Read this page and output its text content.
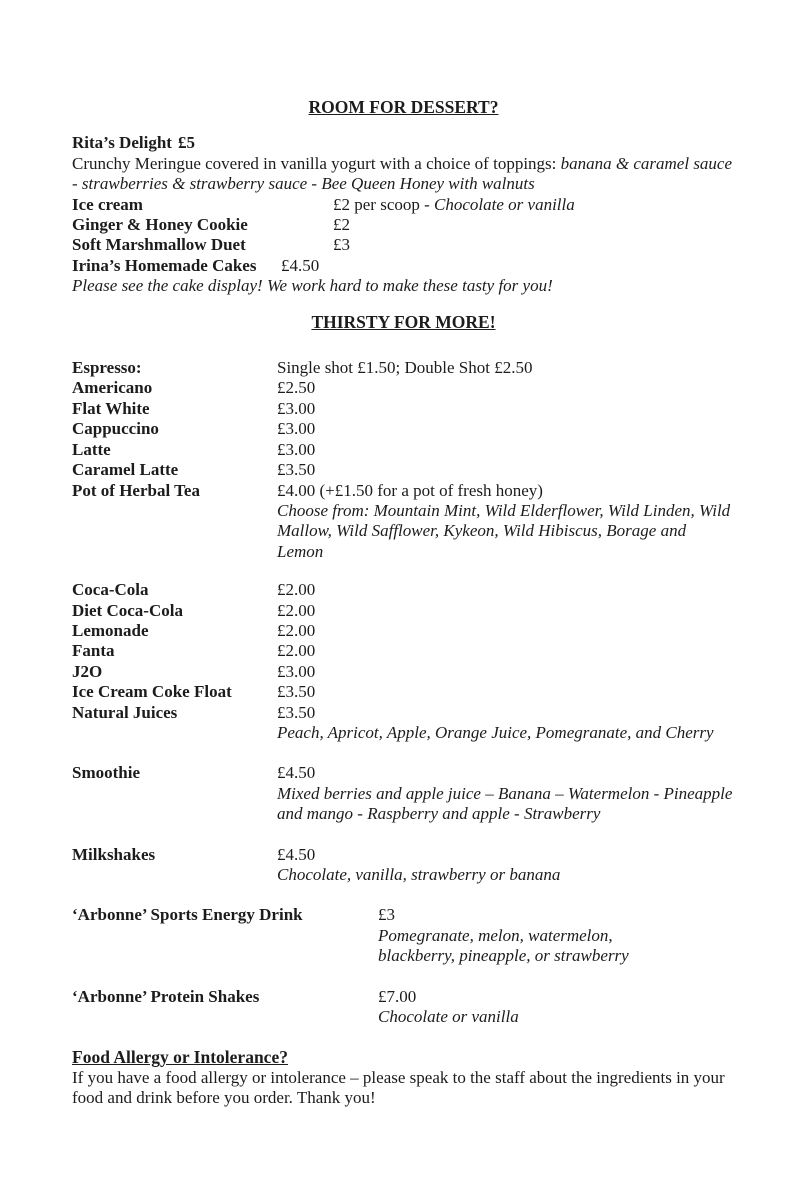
ROOM FOR DESSERT?
Rita’s Delight £5
Crunchy Meringue covered in vanilla yogurt with a choice of toppings: banana & caramel sauce - strawberries & strawberry sauce - Bee Queen Honey with walnuts
Ice cream	£2 per scoop - Chocolate or vanilla
Ginger & Honey Cookie	£2
Soft Marshmallow Duet	£3
Irina’s Homemade Cakes	£4.50
Please see the cake display! We work hard to make these tasty for you!
THIRSTY FOR MORE!
Espresso:	Single shot £1.50; Double Shot £2.50
Americano	£2.50
Flat White	£3.00
Cappuccino	£3.00
Latte	£3.00
Caramel Latte	£3.50
Pot of Herbal Tea	£4.00 (+£1.50 for a pot of fresh honey)
Choose from: Mountain Mint, Wild Elderflower, Wild Linden, Wild Mallow, Wild Safflower, Kykeon, Wild Hibiscus, Borage and Lemon
Coca-Cola	£2.00
Diet Coca-Cola	£2.00
Lemonade	£2.00
Fanta	£2.00
J2O	£3.00
Ice Cream Coke Float	£3.50
Natural Juices	£3.50
Peach, Apricot, Apple, Orange Juice, Pomegranate, and Cherry
Smoothie	£4.50
Mixed berries and apple juice – Banana – Watermelon - Pineapple and mango - Raspberry and apple - Strawberry
Milkshakes	£4.50
Chocolate, vanilla, strawberry or banana
‘Arbonne’ Sports Energy Drink	£3
Pomegranate, melon, watermelon, blackberry, pineapple, or strawberry
‘Arbonne’ Protein Shakes	£7.00
Chocolate or vanilla
Food Allergy or Intolerance?
If you have a food allergy or intolerance – please speak to the staff about the ingredients in your food and drink before you order. Thank you!
